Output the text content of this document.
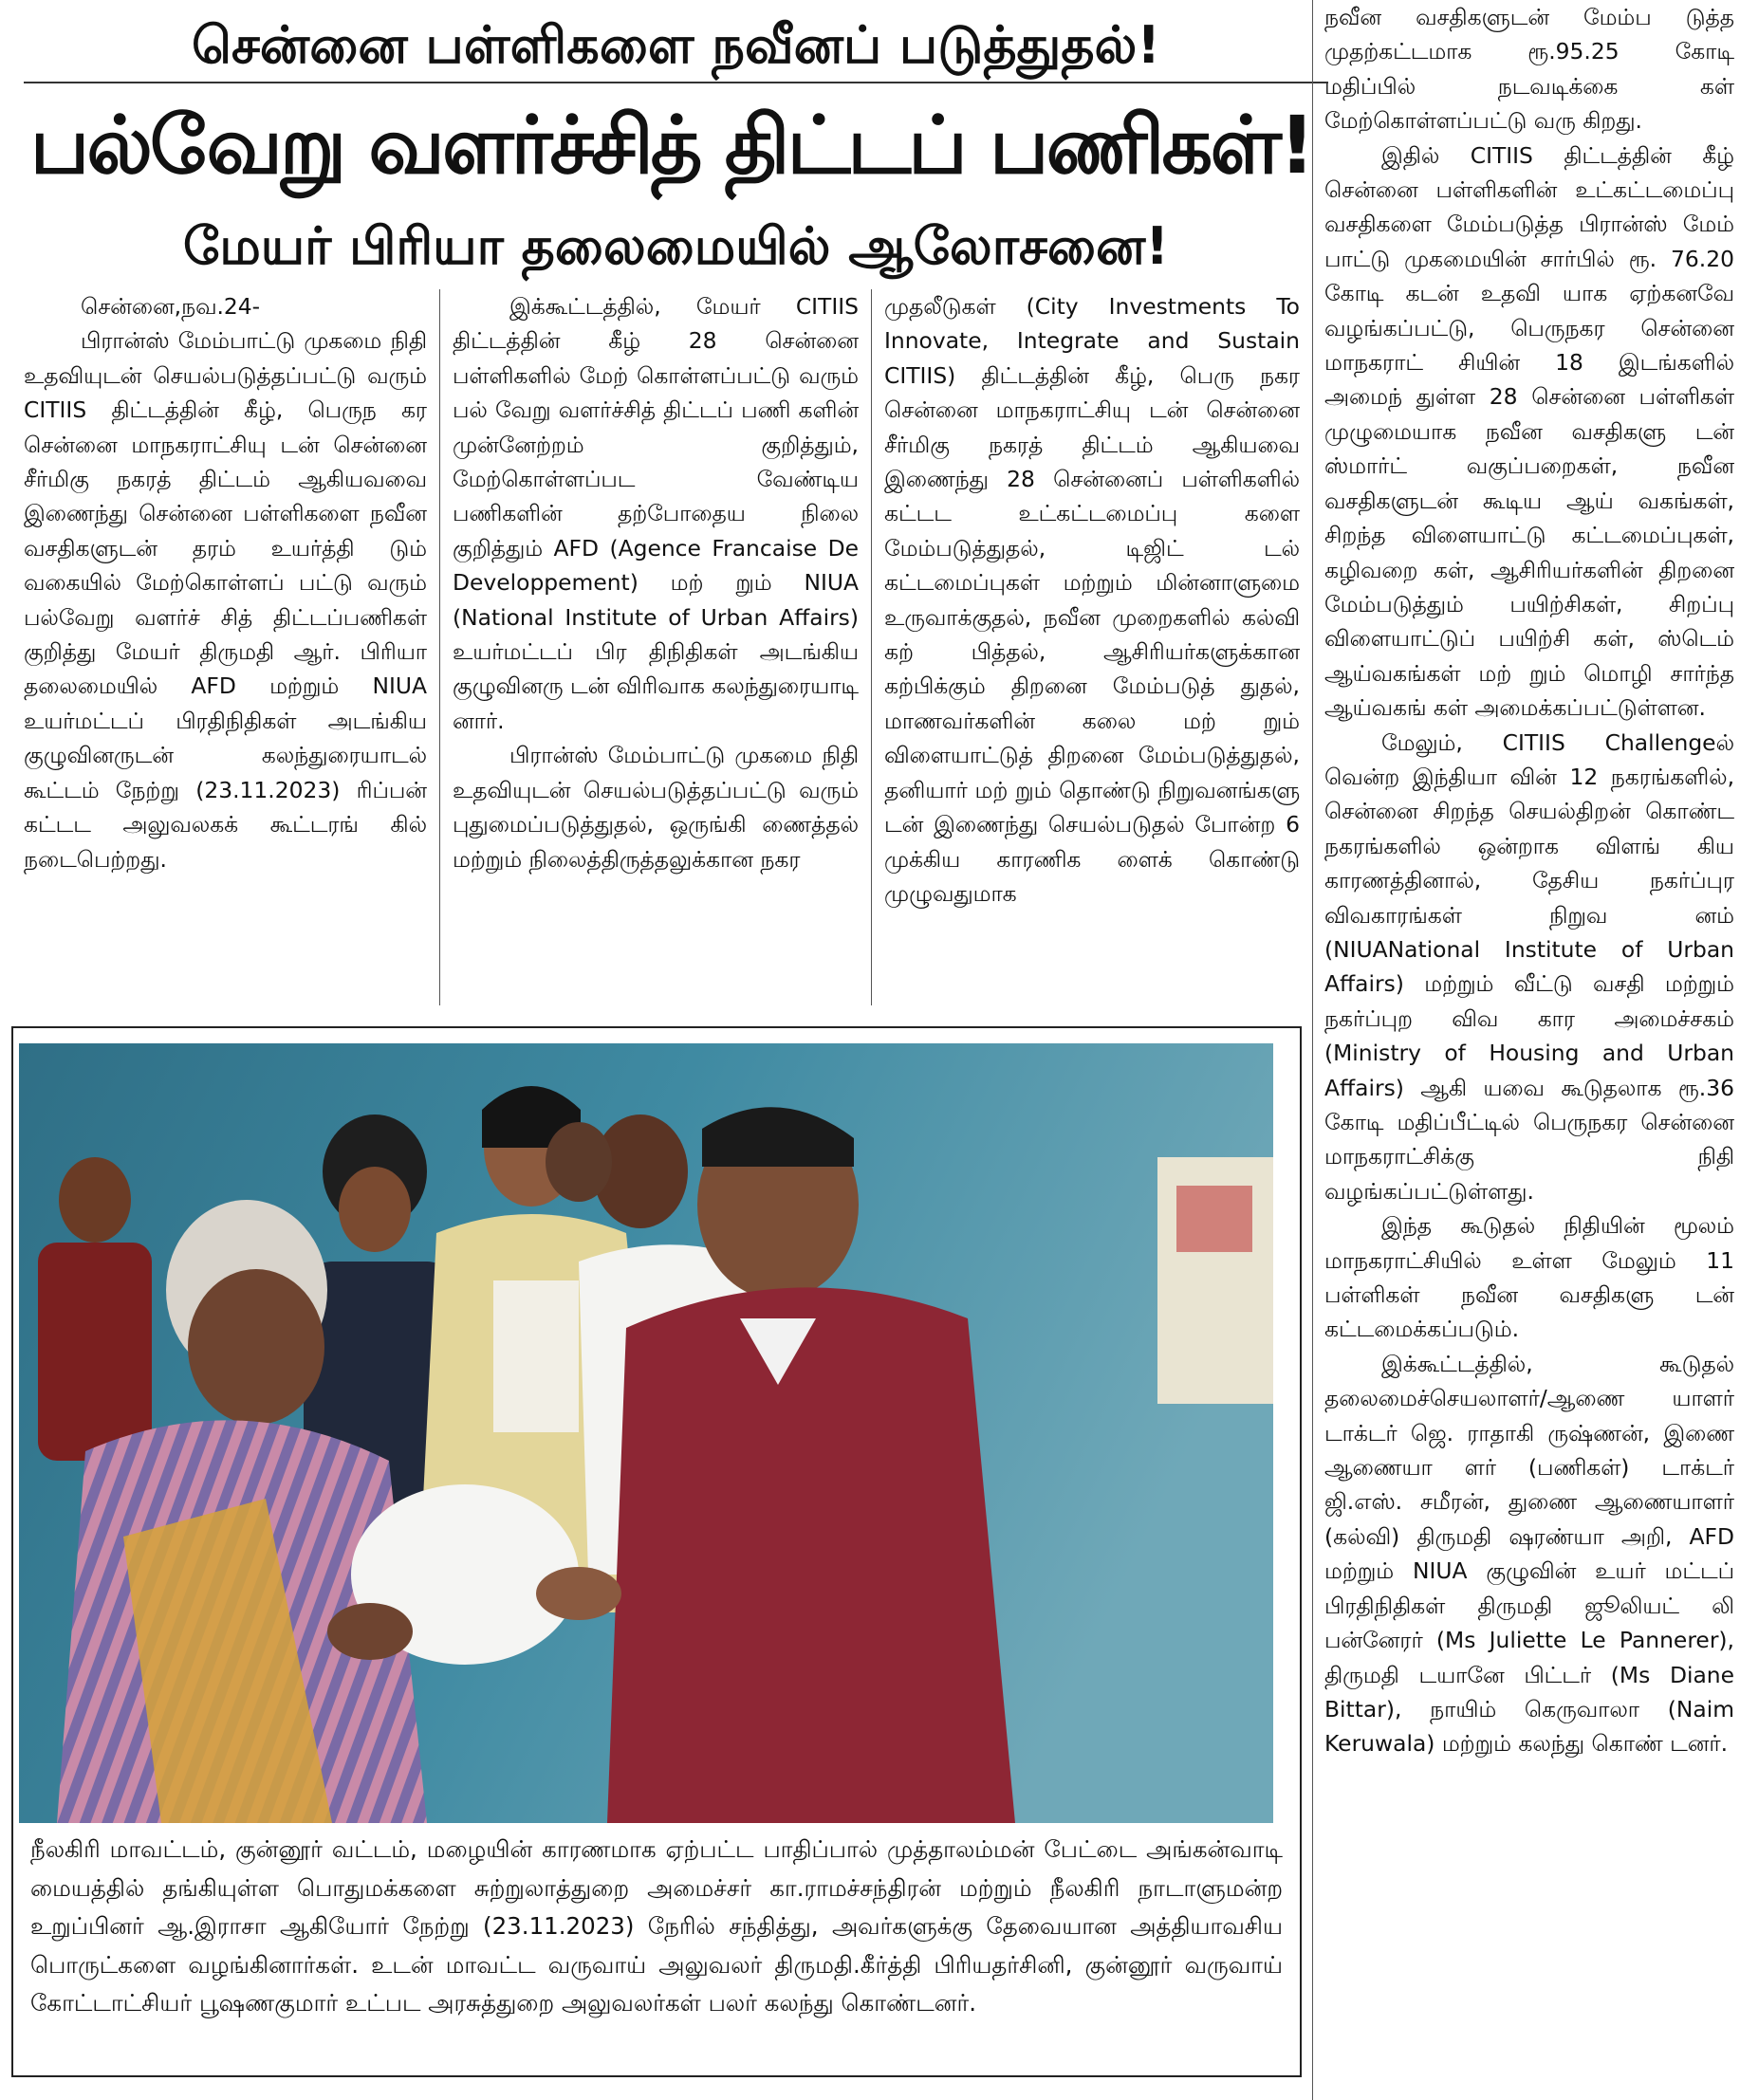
சென்னை பள்ளிகளை நவீனப் படுத்துதல்!
பல்வேறு வளர்ச்சித் திட்டப் பணிகள்!
மேயர் பிரியா தலைமையில் ஆலோசனை!

சென்னை,நவ.24-

பிரான்ஸ் மேம்பாட்டு முகமை நிதி உதவியுடன் செயல்படுத்தப்பட்டு வரும் CITIIS திட்டத்தின் கீழ், பெருந கர சென்னை மாநகராட்சியு டன் சென்னை சீர்மிகு நகரத் திட்டம் ஆகியவவை இணைந்து சென்னை பள்ளிகளை நவீன வசதிகளுடன் தரம் உயர்த்தி டும் வகையில் மேற்கொள்ளப் பட்டு வரும் பல்வேறு வளர்ச் சித் திட்டப்பணிகள் குறித்து மேயர் திருமதி ஆர். பிரியா தலைமையில் AFD மற்றும் NIUA உயர்மட்டப் பிரதிநிதிகள் அடங்கிய குழுவினருடன் கலந்துரையாடல் கூட்டம் நேற்று (23.11.2023) ரிப்பன் கட்டட அலுவலகக் கூட்டரங் கில் நடைபெற்றது.

இக்கூட்டத்தில், மேயர் CITIIS திட்டத்தின் கீழ் 28 சென்னை பள்ளிகளில் மேற் கொள்ளப்பட்டு வரும் பல் வேறு வளர்ச்சித் திட்டப் பணி களின் முன்னேற்றம் குறித்தும், மேற்கொள்ளப்பட வேண்டிய பணிகளின் தற்போதைய நிலை குறித்தும் AFD (Agence Francaise De Developpement) மற் றும் NIUA (National Institute of Urban Affairs) உயர்மட்டப் பிர திநிதிகள் அடங்கிய குழுவினரு டன் விரிவாக கலந்துரையாடி னார்.

பிரான்ஸ் மேம்பாட்டு முகமை நிதி உதவியுடன் செயல்படுத்தப்பட்டு வரும் புதுமைப்படுத்துதல், ஒருங்கி ணைத்தல் மற்றும் நிலைத்திருத்தலுக்கான நகர

முதலீடுகள் (City Investments To Innovate, Integrate and Sustain CITIIS) திட்டத்தின் கீழ், பெரு நகர சென்னை மாநகராட்சியு டன் சென்னை சீர்மிகு நகரத் திட்டம் ஆகியவை இணைந்து 28 சென்னைப் பள்ளிகளில் கட்டட உட்கட்டமைப்பு களை மேம்படுத்துதல், டிஜிட் டல் கட்டமைப்புகள் மற்றும் மின்னாளுமை உருவாக்குதல், நவீன முறைகளில் கல்வி கற் பித்தல், ஆசிரியர்களுக்கான கற்பிக்கும் திறனை மேம்படுத் துதல், மாணவர்களின் கலை மற் றும் விளையாட்டுத் திறனை மேம்படுத்துதல், தனியார் மற் றும் தொண்டு நிறுவனங்களு டன் இணைந்து செயல்படுதல் போன்ற 6 முக்கிய காரணிக ளைக் கொண்டு முழுவதுமாக

நவீன வசதிகளுடன் மேம்ப டுத்த முதற்கட்டமாக ரூ.95.25 கோடி மதிப்பில் நடவடிக்கை கள் மேற்கொள்ளப்பட்டு வரு கிறது.

இதில் CITIIS திட்டத்தின் கீழ் சென்னை பள்ளிகளின் உட்கட்டமைப்பு வசதிகளை மேம்படுத்த பிரான்ஸ் மேம் பாட்டு முகமையின் சார்பில் ரூ. 76.20 கோடி கடன் உதவி யாக ஏற்கனவே வழங்கப்பட்டு, பெருநகர சென்னை மாநகராட் சியின் 18 இடங்களில் அமைந் துள்ள 28 சென்னை பள்ளிகள் முழுமையாக நவீன வசதிகளு டன் ஸ்மார்ட் வகுப்பறைகள், நவீன வசதிகளுடன் கூடிய ஆய் வகங்கள், சிறந்த விளையாட்டு கட்டமைப்புகள், கழிவறை கள், ஆசிரியர்களின் திறனை மேம்படுத்தும் பயிற்சிகள், சிறப்பு விளையாட்டுப் பயிற்சி கள், ஸ்டெம் ஆய்வகங்கள் மற் றும் மொழி சார்ந்த ஆய்வகங் கள் அமைக்கப்பட்டுள்ளன.

மேலும், CITIIS Challengeல் வென்ற இந்தியா வின் 12 நகரங்களில், சென்னை சிறந்த செயல்திறன் கொண்ட நகரங்களில் ஒன்றாக விளங் கிய காரணத்தினால், தேசிய நகர்ப்புர விவகாரங்கள் நிறுவ னம் (NIUANational Institute of Urban Affairs) மற்றும் வீட்டு வசதி மற்றும் நகர்ப்புற விவ கார அமைச்சகம் (Ministry of Housing and Urban Affairs) ஆகி யவை கூடுதலாக ரூ.36 கோடி மதிப்பீட்டில் பெருநகர சென்னை மாநகராட்சிக்கு நிதி வழங்கப்பட்டுள்ளது.

இந்த கூடுதல் நிதியின் மூலம் மாநகராட்சியில் உள்ள மேலும் 11 பள்ளிகள் நவீன வசதிகளு டன் கட்டமைக்கப்படும்.

இக்கூட்டத்தில், கூடுதல் தலைமைச்செயலாளர்/ஆணை யாளர் டாக்டர் ஜெ. ராதாகி ருஷ்ணன், இணை ஆணையா ளர் (பணிகள்) டாக்டர் ஜி.எஸ். சமீரன், துணை ஆணையாளர் (கல்வி) திருமதி ஷரண்யா அறி, AFD மற்றும் NIUA குழுவின் உயர் மட்டப் பிரதிநிதிகள் திருமதி ஜூலியட் லி பன்னேரர் (Ms Juliette Le Pannerer), திருமதி டயானே பிட்டர் (Ms Diane Bittar), நாயிம் கெருவாலா (Naim Keruwala) மற்றும் கலந்து கொண் டனர்.

நீலகிரி மாவட்டம், குன்னூர் வட்டம், மழையின் காரணமாக ஏற்பட்ட பாதிப்பால் முத்தாலம்மன் பேட்டை அங்கன்வாடி மையத்தில் தங்கியுள்ள பொதுமக்களை சுற்றுலாத்துறை அமைச்சர் கா.ராமச்சந்திரன் மற்றும் நீலகிரி நாடாளுமன்ற உறுப்பினர் ஆ.இராசா ஆகியோர் நேற்று (23.11.2023) நேரில் சந்தித்து, அவர்களுக்கு தேவையான அத்தியாவசிய பொருட்களை வழங்கினார்கள். உடன் மாவட்ட வருவாய் அலுவலர் திருமதி.கீர்த்தி பிரியதர்சினி, குன்னூர் வருவாய் கோட்டாட்சியர் பூஷணகுமார் உட்பட அரசுத்துறை அலுவலர்கள் பலர் கலந்து கொண்டனர்.
